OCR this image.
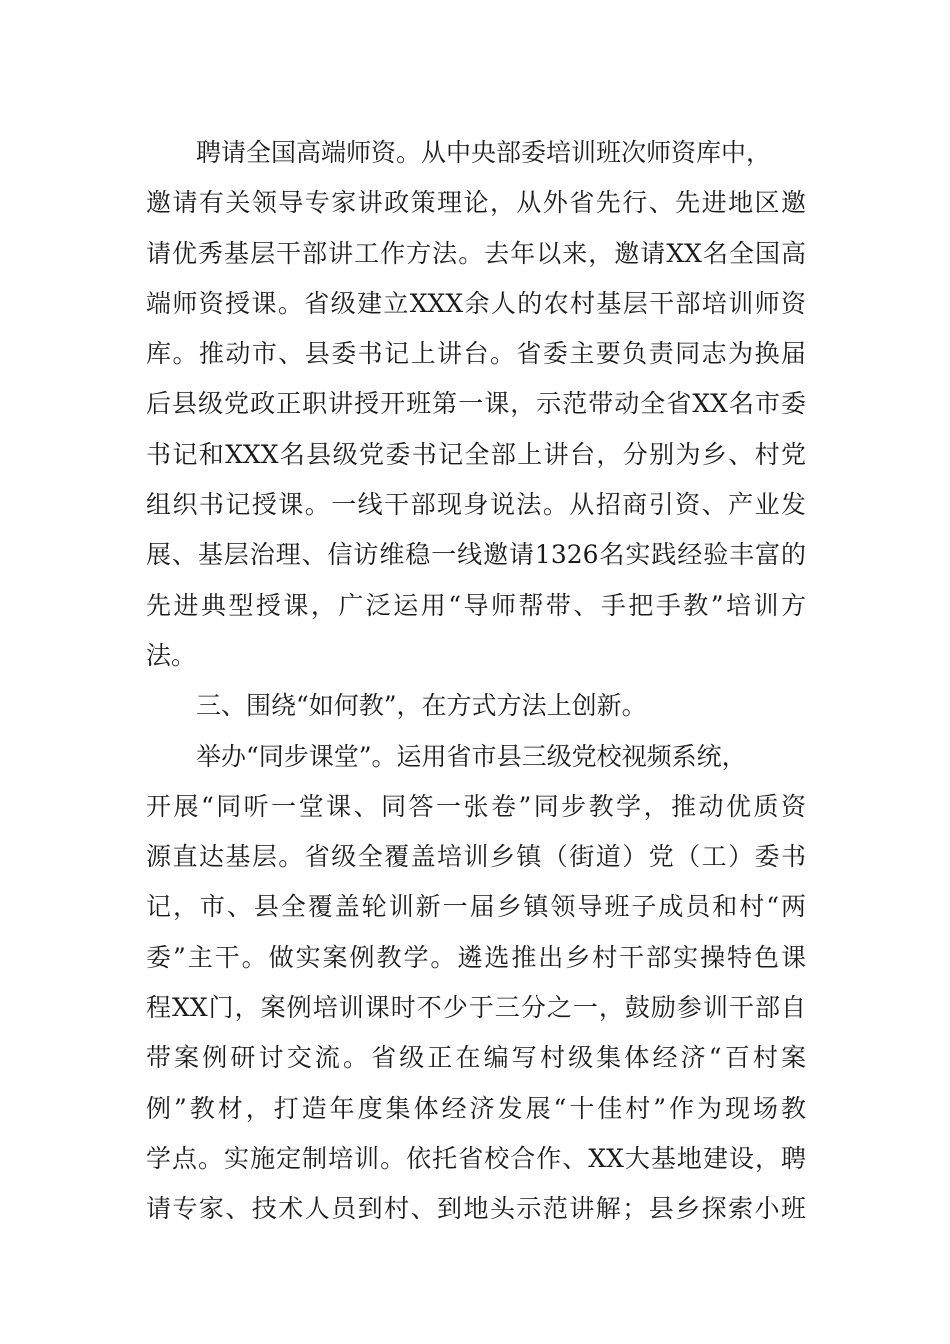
聘请全国高端师资。从中央部委培训班次师资库中，
邀请有关领导专家讲政策理论，从外省先行、先进地区邀
请优秀基层干部讲工作方法。去年以来，邀请XX名全国高
端师资授课。省级建立XXX余人的农村基层干部培训师资
库。推动市、县委书记上讲台。省委主要负责同志为换届
后县级党政正职讲授开班第一课，示范带动全省XX名市委
书记和XXX名县级党委书记全部上讲台，分别为乡、村党
组织书记授课。一线干部现身说法。从招商引资、产业发
展、基层治理、信访维稳一线邀请1326名实践经验丰富的
先进典型授课，广泛运用“导师帮带、手把手教”培训方
法。
三、围绕“如何教”，在方式方法上创新。
举办“同步课堂”。运用省市县三级党校视频系统，
开展“同听一堂课、同答一张卷”同步教学，推动优质资
源直达基层。省级全覆盖培训乡镇（街道）党（工）委书
记，市、县全覆盖轮训新一届乡镇领导班子成员和村“两
委”主干。做实案例教学。遴选推出乡村干部实操特色课
程XX门，案例培训课时不少于三分之一，鼓励参训干部自
带案例研讨交流。省级正在编写村级集体经济“百村案
例”教材，打造年度集体经济发展“十佳村”作为现场教
学点。实施定制培训。依托省校合作、XX大基地建设，聘
请专家、技术人员到村、到地头示范讲解；县乡探索小班
